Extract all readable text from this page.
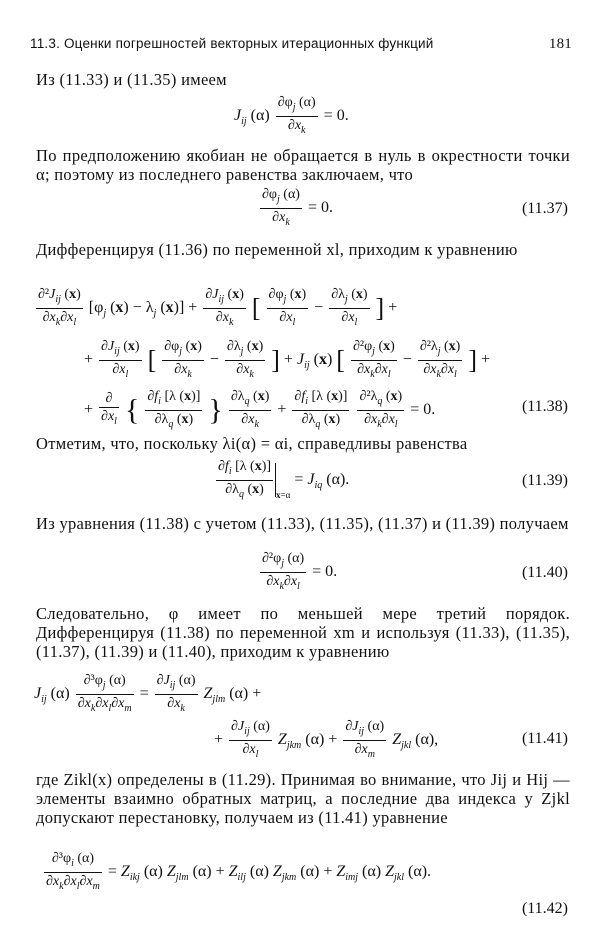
11.3. Оценки погрешностей векторных итерационных функций	181
Из (11.33) и (11.35) имеем
$J_{ij}$ $(\alpha) \frac{\partial\varphi_j (\alpha)}{\partial x_k} = 0$.
По предположению якобиан не обращается в нуль в окрестности точки α; поэтому из последнего равенства заключаем, что
$\frac{\partial\varphi_j (\alpha)}{\partial x_k} = 0$.	(11.37)
Дифференцируя (11.36) по переменной xl, приходим к уравнению
$\frac{\partial^2J_{ij} (x)}{\partial x_k\partial x_l} [\varphi_j$ $(x) - \lambda_j$ $(x)] + \frac{\partial J_{ij} (x)}{\partial x_k}$ [ $\frac{\partial\varphi_j (x)}{\partial x_l} - \frac{\partial\lambda_j (x)}{\partial x_l}$ ] +
+ $\frac{\partial J_{ij} (x)}{\partial x_l}$ [ $\frac{\partial\varphi_j (x)}{\partial x_k} - \frac{\partial\lambda_j (x)}{\partial x_k}$ ] + $J_{ij}$ (x) [ $\frac{\partial^2\varphi_j (x)}{\partial x_k\partial x_l} - \frac{\partial^2\lambda_j (x)}{\partial x_k\partial x_l}$ ] +
+ $\frac{\partial}{\partial x_l}$ { $\frac{\partial f_i [\lambda (x)]}{\partial\lambda_q (x)}$ } $\frac{\partial\lambda_q (x)}{\partial x_k} + \frac{\partial f_i [\lambda (x)]}{\partial\lambda_q (x)}$
$\frac{\partial^2\lambda_q (x)}{\partial x_k\partial x_l} = 0$.	(11.38)
Отметим, что, поскольку λi(α) = αi, справедливы равенства
$\frac{\partial f_i [\lambda (x)]}{\partial\lambda_q (x)} _{x=\alpha} = J_{iq}$ (α).	(11.39)
Из уравнения (11.38) с учетом (11.33), (11.35), (11.37) и (11.39) получаем
$\frac{\partial^2\varphi_j (\alpha)}{\partial x_k\partial x_l} = 0$.	(11.40)
Следовательно, φ имеет по меньшей мере третий порядок. Дифференцируя (11.38) по переменной xm и используя (11.33), (11.35), (11.37), (11.39) и (11.40), приходим к уравнению
$J_{ij}$ $(\alpha) \frac{\partial^3\varphi_j (\alpha)}{\partial x_k\partial x_l\partial x_m} = \frac{\partial J_{ij} (\alpha)}{\partial x_k} Z_{jlm}$ (α) +
+ $\frac{\partial J_{ij} (\alpha)}{\partial x_l} Z_{jkm}$ $(\alpha) + \frac{\partial J_{ij} (\alpha)}{\partial x_m} Z_{jkl}$ (α),	(11.41)
где Zikl(x) определены в (11.29). Принимая во внимание, что Jij и Hij — элементы взаимно обратных матриц, а последние два индекса у Zjkl допускают перестановку, получаем из (11.41) уравнение
$\frac{\partial^3\varphi_i (\alpha)}{\partial x_k\partial x_l\partial x_m} = Z_{ikj}$ (α) $Z_{jlm}$ $(\alpha) + Z_{ilj}$ (α) $Z_{jkm}$ $(\alpha) + Z_{imj}$ (α) $Z_{jkl}$ (α).
(11.42)
